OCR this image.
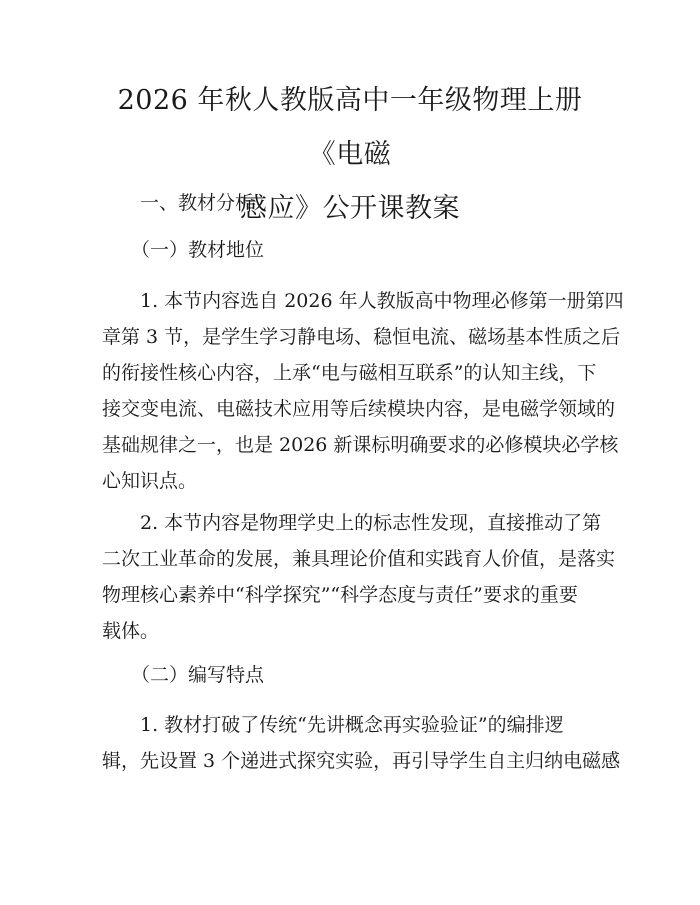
2026 年秋人教版高中一年级物理上册《电磁
感应》公开课教案
一、教材分析
（一）教材地位
1. 本节内容选自 2026 年人教版高中物理必修第一册第四
章第 3 节，是学生学习静电场、稳恒电流、磁场基本性质之后
的衔接性核心内容，上承“电与磁相互联系”的认知主线，下
接交变电流、电磁技术应用等后续模块内容，是电磁学领域的
基础规律之一，也是 2026 新课标明确要求的必修模块必学核
心知识点。
2. 本节内容是物理学史上的标志性发现，直接推动了第
二次工业革命的发展，兼具理论价值和实践育人价值，是落实
物理核心素养中“科学探究”“科学态度与责任”要求的重要
载体。
（二）编写特点
1. 教材打破了传统“先讲概念再实验验证”的编排逻
辑，先设置 3 个递进式探究实验，再引导学生自主归纳电磁感
